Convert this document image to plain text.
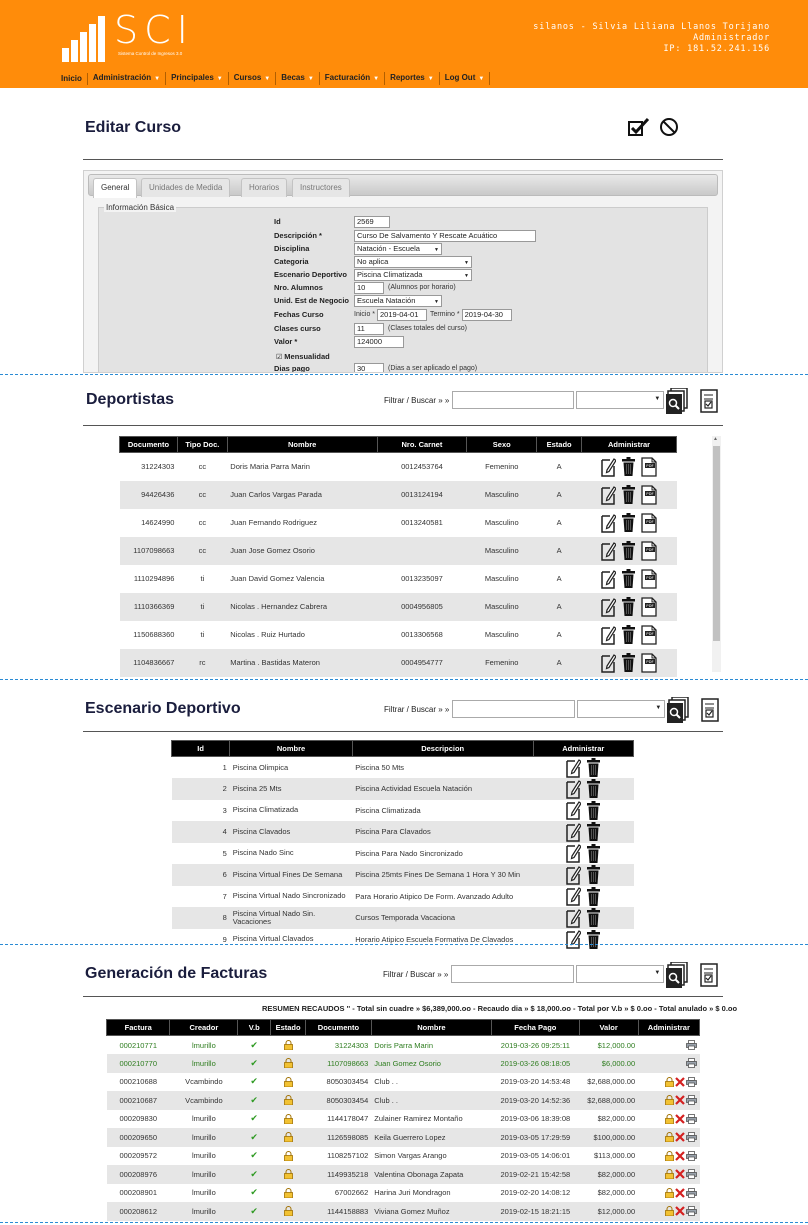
SCI
Sistema Control de Ingresos 3.0
silanos - Silvia Liliana Llanos Torijano
Administrador
IP: 181.52.241.156
Inicio	Administración ▼	Principales ▼	Cursos ▼	Becas ▼	Facturación ▼	Reportes ▼	Log Out ▼
Editar Curso
General	Unidades de Medida	Horarios	Instructores
Información Básica
Id	2569
Descripción *	Curso De Salvamento Y Rescate Acuático
Disciplina	Natación - Escuela ▼
Categoria	No aplica ▼
Escenario Deportivo	Piscina Climatizada ▼
Nro. Alumnos	10	(Alumnos por horario)
Unid. Est de Negocio	Escuela Natación ▼
Fechas Curso	Inicio * 2019-04-01	Termino * 2019-04-30
Clases curso	11	(Clases totales del curso)
Valor *	124000
☑ Mensualidad
Dias pago	30	(Dias a ser aplicado el pago)
Deportistas	Filtrar / Buscar » »
▼
Documento	Tipo Doc.	Nombre	Nro. Carnet	Sexo	Estado	Administrar
31224303	cc	Doris Maria Parra Marin	0012453764	Femenino	A	PDF

94426436	cc	Juan Carlos Vargas Parada	0013124194	Masculino	A	PDF

14624990	cc	Juan Fernando Rodriguez	0013240581	Masculino	A	PDF

1107098663	cc	Juan Jose Gomez Osorio		Masculino	A	PDF

1110294896	ti	Juan David Gomez Valencia	0013235097	Masculino	A	PDF

1110366369	ti	Nicolas . Hernandez Cabrera	0004956805	Masculino	A	PDF

1150688360	ti	Nicolas . Ruiz Hurtado	0013306568	Masculino	A	PDF

1104836667	rc	Martina . Bastidas Materon	0004954777	Femenino	A	PDF
▲
Escenario Deportivo	Filtrar / Buscar » »
▼
Id	Nombre	Descripcion	Administrar
1	Piscina Olimpica	Piscina 50 Mts	
2	Piscina 25 Mts	Piscina Actividad Escuela Natación	
3	Piscina Climatizada	Piscina Climatizada	
4	Piscina Clavados	Piscina Para Clavados	
5	Piscina Nado Sinc	Piscina Para Nado Sincronizado	
6	Piscina Virtual Fines De Semana	Piscina 25mts Fines De Semana 1 Hora Y 30 Min	
7	Piscina Virtual Nado Sincronizado	Para Horario Atipico De Form. Avanzado Adulto	
8	Piscina Virtual Nado Sin. Vacaciones	Cursos Temporada Vacaciona	
9	Piscina Virtual Clavados	Horario Atipico Escuela Formativa De Clavados	
Generación de Facturas	Filtrar / Buscar » »
▼
RESUMEN RECAUDOS '' - Total sin cuadre » $6,389,000.oo - Recaudo dia » $ 18,000.oo - Total por V.b » $ 0.oo - Total anulado » $ 0.oo
Factura	Creador	V.b	Estado	Documento	Nombre	Fecha Pago	Valor	Administrar
000210771	lmurillo	✔		31224303	Doris Parra Marin	2019-03-26 09:25:11	$12,000.00	
000210770	lmurillo	✔		1107098663	Juan Gomez Osorio	2019-03-26 08:18:05	$6,000.00	
000210688	Vcambindo	✔		8050303454	Club . .	2019-03-20 14:53:48	$2,688,000.00	
000210687	Vcambindo	✔		8050303454	Club . .	2019-03-20 14:52:36	$2,688,000.00	
000209830	lmurillo	✔		1144178047	Zulainer Ramirez Montaño	2019-03-06 18:39:08	$82,000.00	
000209650	lmurillo	✔		1126598085	Keila Guerrero Lopez	2019-03-05 17:29:59	$100,000.00	
000209572	lmurillo	✔		1108257102	Simon Vargas Arango	2019-03-05 14:06:01	$113,000.00	
000208976	lmurillo	✔		1149935218	Valentina Obonaga Zapata	2019-02-21 15:42:58	$82,000.00	
000208901	lmurillo	✔		67002662	Harina Juri Mondragon	2019-02-20 14:08:12	$82,000.00	
000208612	lmurillo	✔		1144158883	Viviana Gomez Muñoz	2019-02-15 18:21:15	$12,000.00	
